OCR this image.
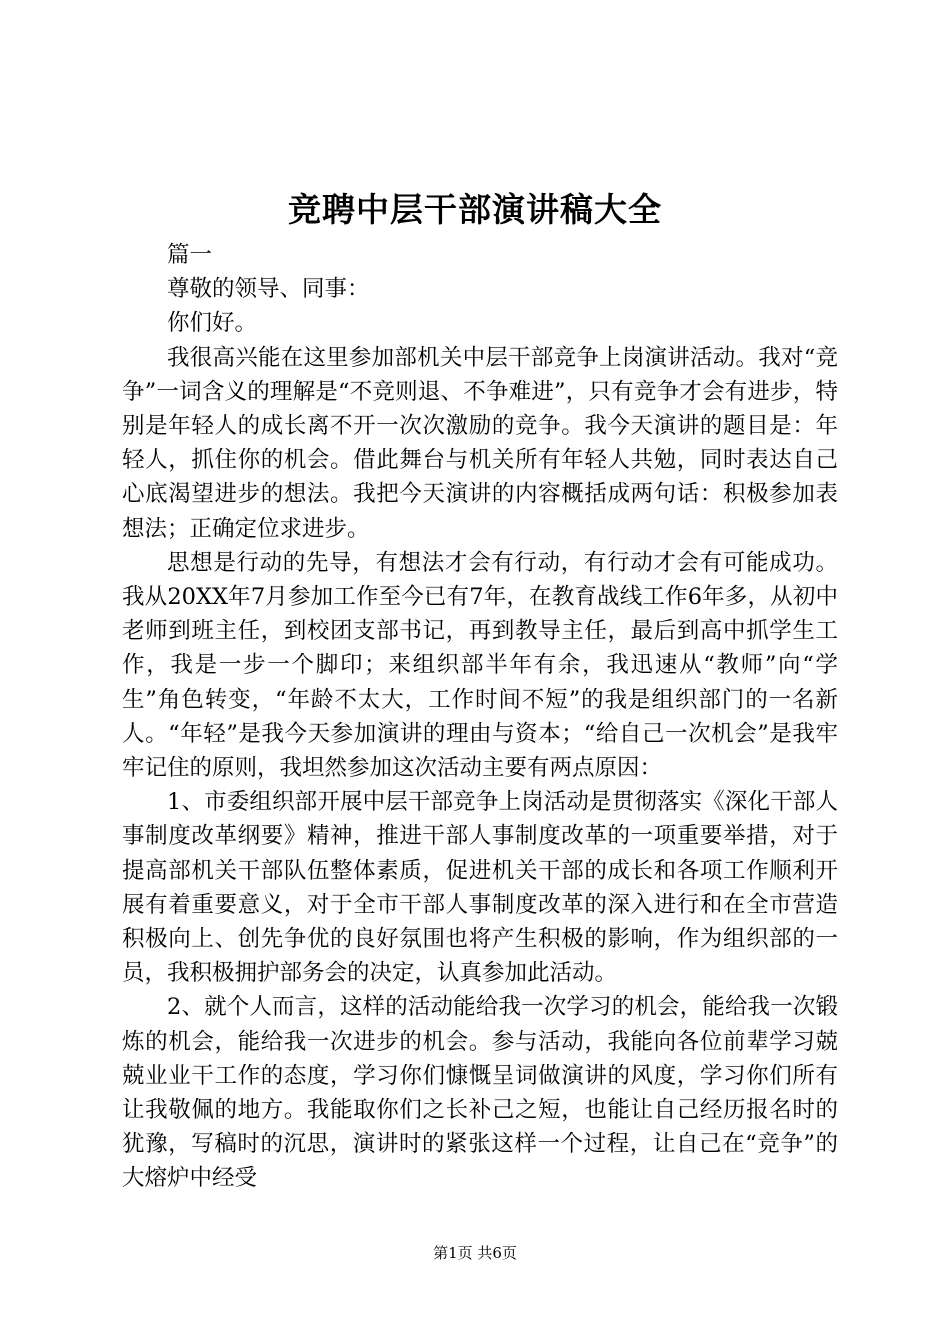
竞聘中层干部演讲稿大全

篇一

尊敬的领导、同事：

你们好。

我很高兴能在这里参加部机关中层干部竞争上岗演讲活动。我对“竞争”一词含义的理解是“不竞则退、不争难进”，只有竞争才会有进步，特别是年轻人的成长离不开一次次激励的竞争。我今天演讲的题目是：年轻人，抓住你的机会。借此舞台与机关所有年轻人共勉，同时表达自己心底渴望进步的想法。我把今天演讲的内容概括成两句话：积极参加表想法；正确定位求进步。

思想是行动的先导，有想法才会有行动，有行动才会有可能成功。我从20XX年7月参加工作至今已有7年，在教育战线工作6年多，从初中老师到班主任，到校团支部书记，再到教导主任，最后到高中抓学生工作，我是一步一个脚印；来组织部半年有余，我迅速从“教师”向“学生”角色转变，“年龄不太大，工作时间不短”的我是组织部门的一名新人。“年轻”是我今天参加演讲的理由与资本；“给自己一次机会”是我牢牢记住的原则，我坦然参加这次活动主要有两点原因：

1、市委组织部开展中层干部竞争上岗活动是贯彻落实《深化干部人事制度改革纲要》精神，推进干部人事制度改革的一项重要举措，对于提高部机关干部队伍整体素质，促进机关干部的成长和各项工作顺利开展有着重要意义，对于全市干部人事制度改革的深入进行和在全市营造积极向上、创先争优的良好氛围也将产生积极的影响，作为组织部的一员，我积极拥护部务会的决定，认真参加此活动。

2、就个人而言，这样的活动能给我一次学习的机会，能给我一次锻炼的机会，能给我一次进步的机会。参与活动，我能向各位前辈学习兢兢业业干工作的态度，学习你们慷慨呈词做演讲的风度，学习你们所有让我敬佩的地方。我能取你们之长补己之短，也能让自己经历报名时的犹豫，写稿时的沉思，演讲时的紧张这样一个过程，让自己在“竞争”的大熔炉中经受

第1页 共6页
